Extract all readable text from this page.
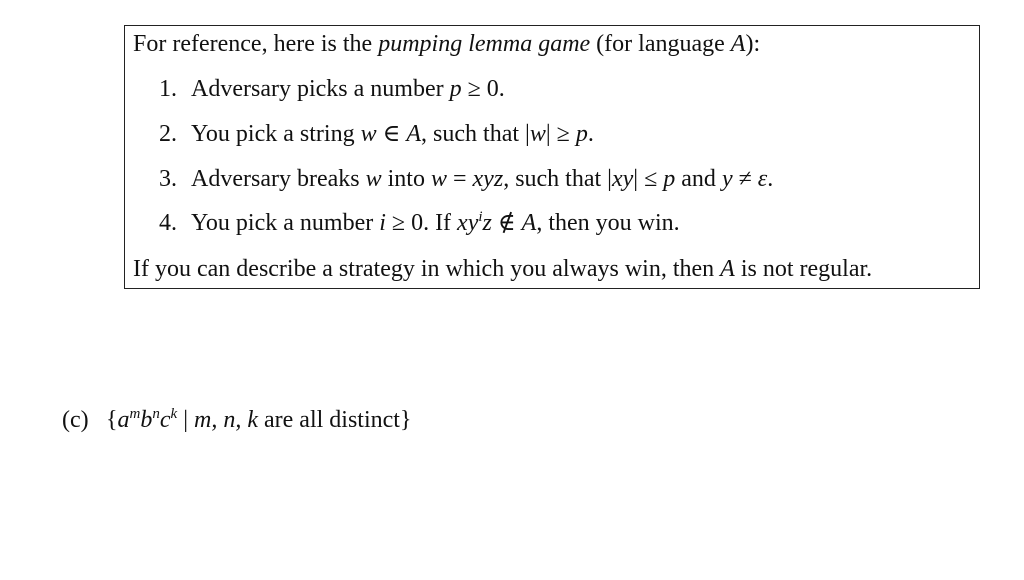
For reference, here is the pumping lemma game (for language A):
1. Adversary picks a number p ≥ 0.
2. You pick a string w ∈ A, such that |w| ≥ p.
3. Adversary breaks w into w = xyz, such that |xy| ≤ p and y ≠ ε.
4. You pick a number i ≥ 0. If $xy^iz$ ∉ A, then you win.
If you can describe a strategy in which you always win, then A is not regular.
(c) {$a^mb^nc^k$ | m, n, k are all distinct}
